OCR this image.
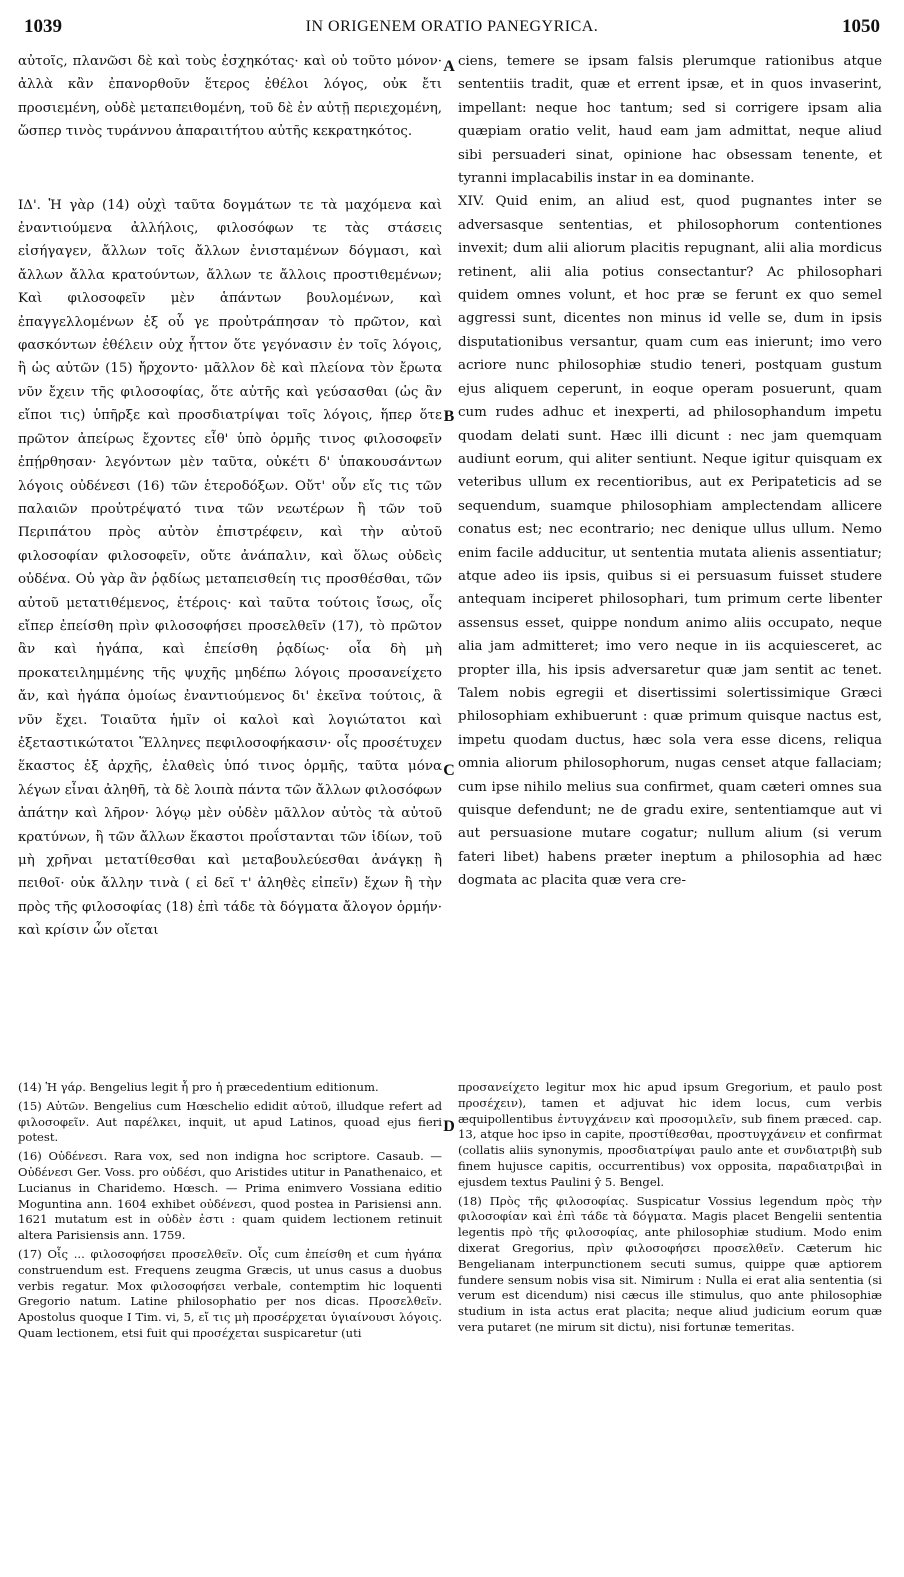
1039	IN ORIGENEM ORATIO PANEGYRICA.	1050

αὐτοῖς, πλανῶσι δὲ καὶ τοὺς ἐσχηκότας· καὶ οὐ τοῦτο μόνον· ἀλλὰ κἂν ἐπανορθοῦν ἕτερος ἐθέλοι λόγος, οὐκ ἔτι προσιεμένη, οὐδὲ μεταπειθομένη, τοῦ δὲ ἐν αὐτῇ περιεχομένη, ὥσπερ τινὸς τυράννου ἀπαραιτήτου αὐτῆς κεκρατηκότος.

ΙΔ'. Ἡ γὰρ (14) οὐχὶ ταῦτα δογμάτων τε τὰ μαχόμενα καὶ ἐναντιούμενα ἀλλήλοις, φιλοσόφων τε τὰς στάσεις εἰσήγαγεν, ἄλλων τοῖς ἄλλων ἐνισταμένων δόγμασι, καὶ ἄλλων ἄλλα κρατούντων, ἄλλων τε ἄλλοις προστιθεμένων; Καὶ φιλοσοφεῖν μὲν ἁπάντων βουλομένων, καὶ ἐπαγγελλομένων ἐξ οὗ γε προὐτράπησαν τὸ πρῶτον, καὶ φασκόντων ἐθέλειν οὐχ ἧττον ὅτε γεγόνασιν ἐν τοῖς λόγοις, ἢ ὡς αὐτῶν (15) ἤρχοντο· μᾶλλον δὲ καὶ πλείονα τὸν ἔρωτα νῦν ἔχειν τῆς φιλοσοφίας, ὅτε αὐτῆς καὶ γεύσασθαι (ὡς ἂν εἴποι τις) ὑπῆρξε καὶ προσδιατρίψαι τοῖς λόγοις, ἥπερ ὅτε πρῶτον ἀπείρως ἔχοντες εἶθ' ὑπὸ ὁρμῆς τινος φιλοσοφεῖν ἐπῄρθησαν· λεγόντων μὲν ταῦτα, οὐκέτι δ' ὑπακουσάντων λόγοις οὐδένεσι (16) τῶν ἑτεροδόξων. Οὔτ' οὖν εἴς τις τῶν παλαιῶν προὐτρέψατό τινα τῶν νεωτέρων ἢ τῶν τοῦ Περιπάτου πρὸς αὐτὸν ἐπιστρέφειν, καὶ τὴν αὐτοῦ φιλοσοφίαν φιλοσοφεῖν, οὔτε ἀνάπαλιν, καὶ ὅλως οὐδεὶς οὐδένα. Οὐ γὰρ ἂν ῥᾳδίως μεταπεισθείη τις προσθέσθαι, τῶν αὐτοῦ μετατιθέμενος, ἑτέροις· καὶ ταῦτα τούτοις ἴσως, οἷς εἴπερ ἐπείσθη πρὶν φιλοσοφήσει προσελθεῖν (17), τὸ πρῶτον ἂν καὶ ἠγάπα, καὶ ἐπείσθη ῥᾳδίως· οἷα δὴ μὴ προκατειλημμένης τῆς ψυχῆς μηδέπω λόγοις προσανείχετο ἄν, καὶ ἠγάπα ὁμοίως ἐναντιούμενος δι' ἐκεῖνα τούτοις, ἃ νῦν ἔχει. Τοιαῦτα ἡμῖν οἱ καλοὶ καὶ λογιώτατοι καὶ ἐξεταστικώτατοι Ἕλληνες πεφιλοσοφήκασιν· οἷς προσέτυχεν ἕκαστος ἐξ ἀρχῆς, ἐλαθεὶς ὑπό τινος ὁρμῆς, ταῦτα μόνα λέγων εἶναι ἀληθῆ, τὰ δὲ λοιπὰ πάντα τῶν ἄλλων φιλοσόφων ἀπάτην καὶ λῆρον· λόγῳ μὲν οὐδὲν μᾶλλον αὐτὸς τὰ αὐτοῦ κρατύνων, ἢ τῶν ἄλλων ἕκαστοι προΐστανται τῶν ἰδίων, τοῦ μὴ χρῆναι μετατίθεσθαι καὶ μεταβουλεύεσθαι ἀνάγκῃ ἢ πειθοῖ· οὐκ ἄλλην τινὰ ( εἰ δεῖ τ' ἀληθὲς εἰπεῖν) ἔχων ἢ τὴν πρὸς τῆς φιλοσοφίας (18) ἐπὶ τάδε τὰ δόγματα ἄλογον ὁρμήν· καὶ κρίσιν ὧν οἴεται

ciens, temere se ipsam falsis plerumque rationibus atque sententiis tradit, quæ et errent ipsæ, et in quos invaserint, impellant: neque hoc tantum; sed si corrigere ipsam alia quæpiam oratio velit, haud eam jam admittat, neque aliud sibi persuaderi sinat, opinione hac obsessam tenente, et tyranni implacabilis instar in ea dominante.

XIV. Quid enim, an aliud est, quod pugnantes inter se adversasque sententias, et philosophorum contentiones invexit; dum alii aliorum placitis repugnant, alii alia mordicus retinent, alii alia potius consectantur? Ac philosophari quidem omnes volunt, et hoc præ se ferunt ex quo semel aggressi sunt, dicentes non minus id velle se, dum in ipsis disputationibus versantur, quam cum eas inierunt; imo vero acriore nunc philosophiæ studio teneri, postquam gustum ejus aliquem ceperunt, in eoque operam posuerunt, quam cum rudes adhuc et inexperti, ad philosophandum impetu quodam delati sunt. Hæc illi dicunt : nec jam quemquam audiunt eorum, qui aliter sentiunt. Neque igitur quisquam ex veteribus ullum ex recentioribus, aut ex Peripateticis ad se sequendum, suamque philosophiam amplectendam allicere conatus est; nec econtrario; nec denique ullus ullum. Nemo enim facile adducitur, ut sententia mutata alienis assentiatur; atque adeo iis ipsis, quibus si ei persuasum fuisset studere antequam inciperet philosophari, tum primum certe libenter assensus esset, quippe nondum animo aliis occupato, neque alia jam admitteret; imo vero neque in iis acquiesceret, ac propter illa, his ipsis adversaretur quæ jam sentit ac tenet. Talem nobis egregii et disertissimi solertissimique Græci philosophiam exhibuerunt : quæ primum quisque nactus est, impetu quodam ductus, hæc sola vera esse dicens, reliqua omnia aliorum philosophorum, nugas censet atque fallaciam; cum ipse nihilo melius sua confirmet, quam cæteri omnes sua quisque defendunt; ne de gradu exire, sententiamque aut vi aut persuasione mutare cogatur; nullum alium (si verum fateri libet) habens præter ineptum a philosophia ad hæc dogmata ac placita quæ vera cre-

A
B
C
D

(14) Ἡ γάρ. Bengelius legit ἦ pro ἡ præcedentium editionum.

(15) Αὐτῶν. Bengelius cum Hœschelio edidit αὐτοῦ, illudque refert ad φιλοσοφεῖν. Aut παρέλκει, inquit, ut apud Latinos, quoad ejus fieri potest.

(16) Οὐδένεσι. Rara vox, sed non indigna hoc scriptore. Casaub. — Οὐδένεσι Ger. Voss. pro οὐδέσι, quo Aristides utitur in Panathenaico, et Lucianus in Charidemo. Hœsch. — Prima enimvero Vossiana editio Moguntina ann. 1604 exhibet οὐδένεσι, quod postea in Parisiensi ann. 1621 mutatum est in οὐδὲν ἐστι : quam quidem lectionem retinuit altera Parisiensis ann. 1759.

(17) Οἷς ... φιλοσοφήσει προσελθεῖν. Οἷς cum ἐπείσθη et cum ἠγάπα construendum est. Frequens zeugma Græcis, ut unus casus a duobus verbis regatur. Mox φιλοσοφήσει verbale, contemptim hic loquenti Gregorio natum. Latine philosophatio per nos dicas. Προσελθεῖν. Apostolus quoque I Tim. vi, 5, εἴ τις μὴ προσέρχεται ὑγιαίνουσι λόγοις. Quam lectionem, etsi fuit qui προσέχεται suspicaretur (uti

προσανείχετο legitur mox hic apud ipsum Gregorium, et paulo post προσέχειν), tamen et adjuvat hic idem locus, cum verbis æquipollentibus ἐντυγχάνειν καὶ προσομιλεῖν, sub finem præced. cap. 13, atque hoc ipso in capite, προστίθεσθαι, προστυγχάνειν et confirmat (collatis aliis synonymis, προσδιατρίψαι paulo ante et συνδιατριβὴ sub finem hujusce capitis, occurrentibus) vox opposita, παραδιατριβαὶ in ejusdem textus Paulini ŷ 5. Bengel.

(18) Πρὸς τῆς φιλοσοφίας. Suspicatur Vossius legendum πρὸς τὴν φιλοσοφίαν καὶ ἐπὶ τάδε τὰ δόγματα. Magis placet Bengelii sententia legentis πρὸ τῆς φιλοσοφίας, ante philosophiæ studium. Modo enim dixerat Gregorius, πρὶν φιλοσοφήσει προσελθεῖν. Cæterum hic Bengelianam interpunctionem secuti sumus, quippe quæ aptiorem fundere sensum nobis visa sit. Nimirum : Nulla ei erat alia sententia (si verum est dicendum) nisi cæcus ille stimulus, quo ante philosophiæ studium in ista actus erat placita; neque aliud judicium eorum quæ vera putaret (ne mirum sit dictu), nisi fortunæ temeritas.
